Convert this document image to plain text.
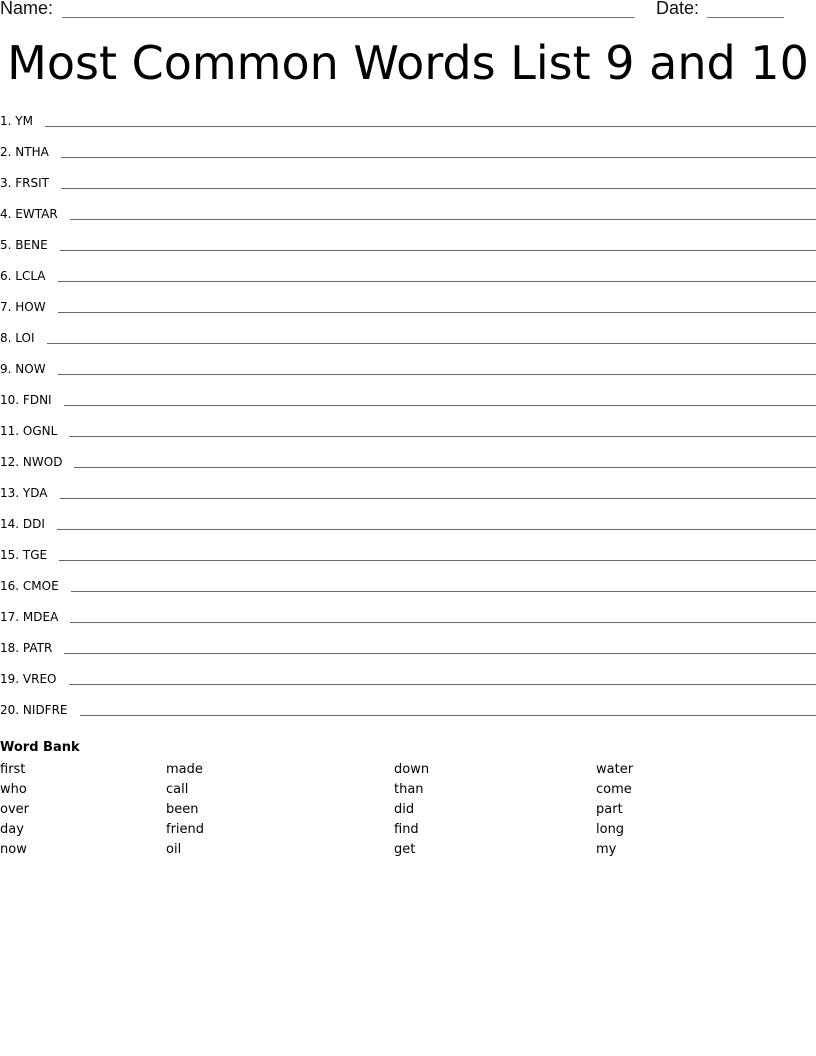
Name:	Date:
Most Common Words List 9 and 10
1. YM
2. NTHA
3. FRSIT
4. EWTAR
5. BENE
6. LCLA
7. HOW
8. LOI
9. NOW
10. FDNI
11. OGNL
12. NWOD
13. YDA
14. DDI
15. TGE
16. CMOE
17. MDEA
18. PATR
19. VREO
20. NIDFRE
Word Bank
first
who
over
day
now
made
call
been
friend
oil
down
than
did
find
get
water
come
part
long
my
